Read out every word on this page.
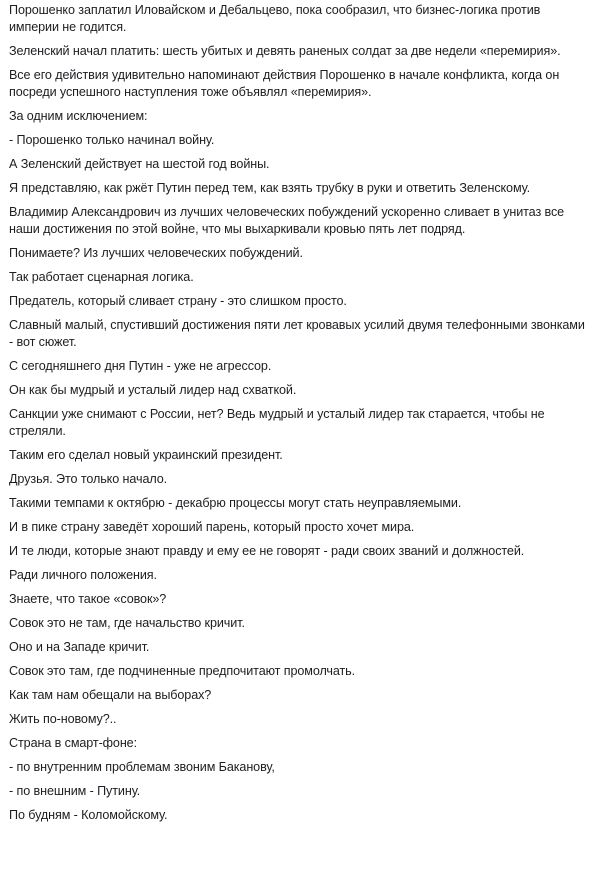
Порошенко заплатил Иловайском и Дебальцево, пока сообразил, что бизнес-логика против империи не годится.

Зеленский начал платить: шесть убитых и девять раненых солдат за две недели «перемирия».

Все его действия удивительно напоминают действия Порошенко в начале конфликта, когда он посреди успешного наступления тоже объявлял «перемирия».

За одним исключением:

- Порошенко только начинал войну.

А Зеленский действует на шестой год войны.

Я представляю, как ржёт Путин перед тем, как взять трубку в руки и ответить Зеленскому.

Владимир Александрович из лучших человеческих побуждений ускоренно сливает в унитаз все наши достижения по этой войне, что мы выхаркивали кровью пять лет подряд.

Понимаете? Из лучших человеческих побуждений.

Так работает сценарная логика.

Предатель, который сливает страну - это слишком просто.

Славный малый, спустивший достижения пяти лет кровавых усилий двумя телефонными звонками - вот сюжет.

С сегодняшнего дня Путин - уже не агрессор.

Он как бы мудрый и усталый лидер над схваткой.

Санкции уже снимают с России, нет? Ведь мудрый и усталый лидер так старается, чтобы не стреляли.

Таким его сделал новый украинский президент.

Друзья. Это только начало.

Такими темпами к октябрю - декабрю процессы могут стать неуправляемыми.

И в пике страну заведёт хороший парень, который просто хочет мира.

И те люди, которые знают правду и ему ее не говорят - ради своих званий и должностей.

Ради личного положения.

Знаете, что такое «совок»?

Совок это не там, где начальство кричит.

Оно и на Западе кричит.

Совок это там, где подчиненные предпочитают промолчать.

Как там нам обещали на выборах?

Жить по-новому?..

Страна в смарт-фоне:

- по внутренним проблемам звоним Баканову,

- по внешним - Путину.

По будням - Коломойскому.
